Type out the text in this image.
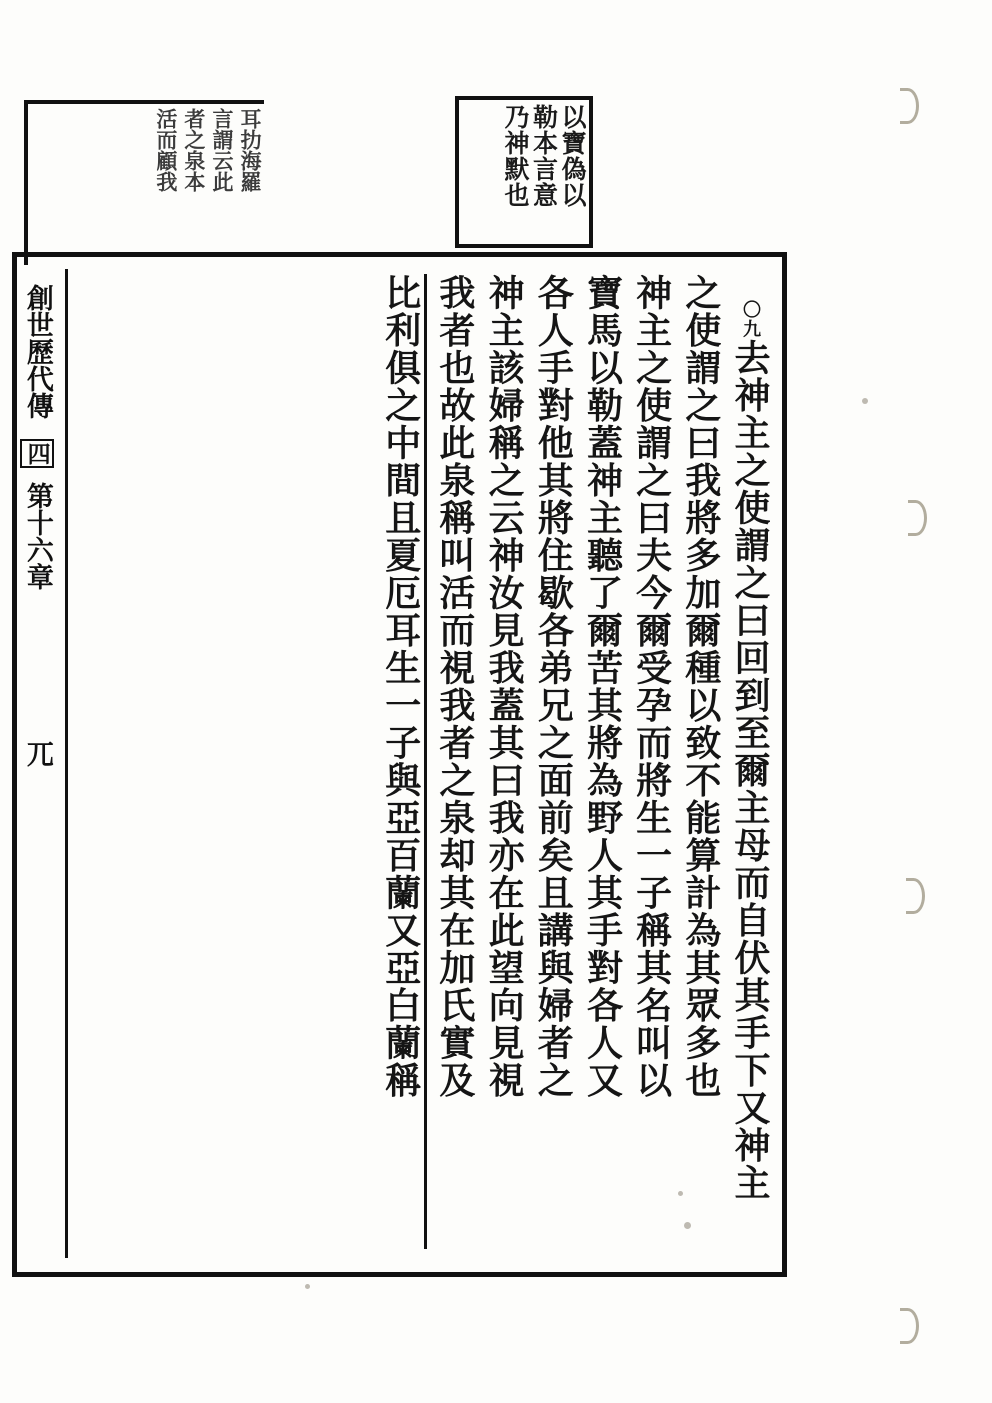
以寶偽以
勒本言意
乃神默也
耳扐海羅
言謂云此
者之泉本
活而顧我
創世歷代傳
四
第十六章
兀
〇九去神主之使謂之曰回到至爾主母而自伏其手下又神主
之使謂之曰我將多加爾種以致不能算計為其眾多也
神主之使謂之曰夫今爾受孕而將生一子稱其名叫以
寶馬以勒蓋神主聽了爾苦其將為野人其手對各人又
各人手對他其將住歇各弟兄之面前矣且講與婦者之
神主該婦稱之云神汝見我蓋其曰我亦在此望向見視
我者也故此泉稱叫活而視我者之泉却其在加氏實及
比利俱之中間且夏厄耳生一子與亞百蘭又亞白蘭稱
